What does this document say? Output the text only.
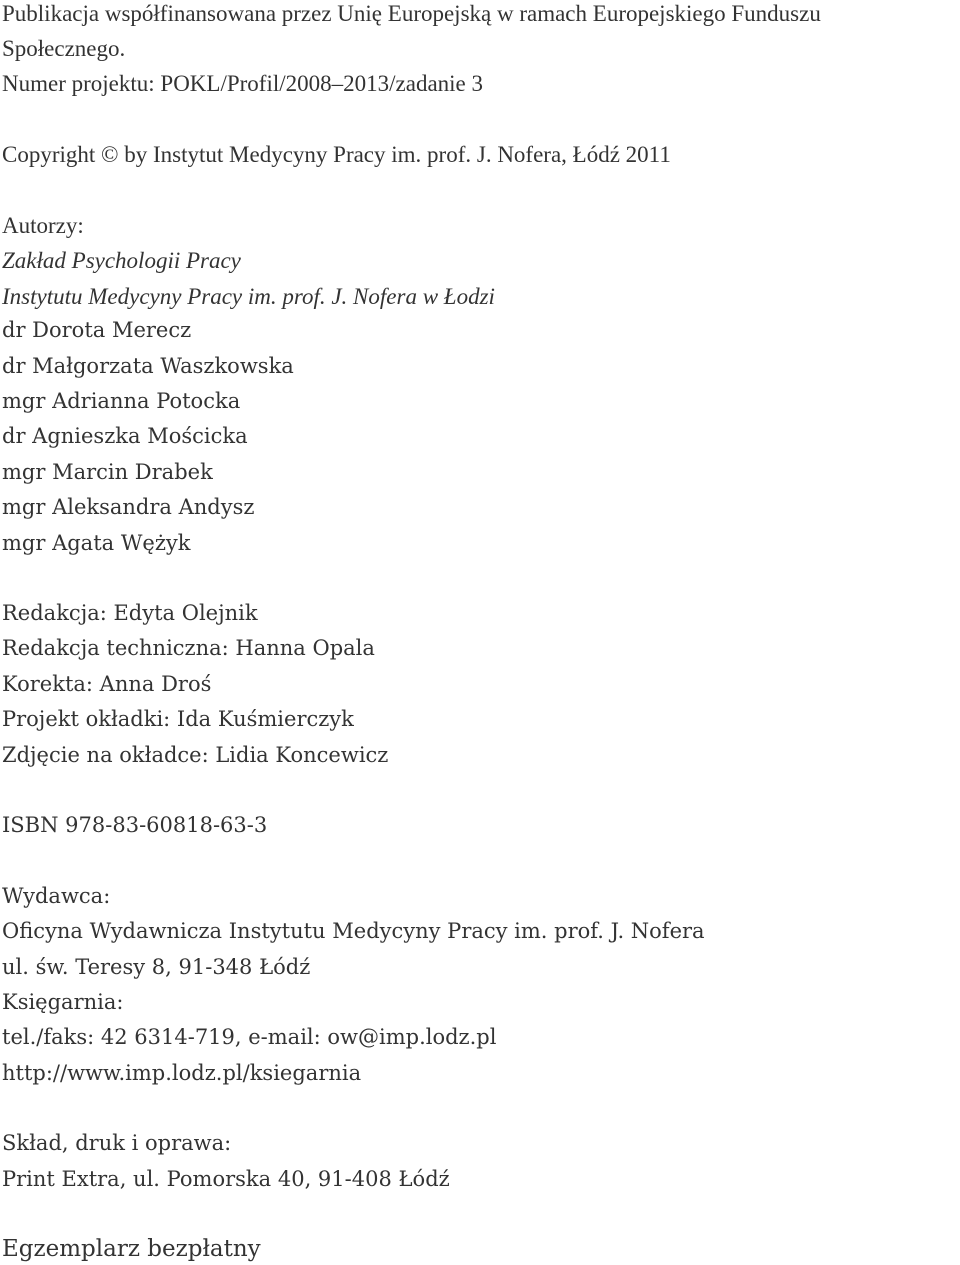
Publikacja współfinansowana przez Unię Europejską w ramach Europejskiego Funduszu

Społecznego.

Numer projektu: POKL/Profil/2008–2013/zadanie 3

Copyright © by Instytut Medycyny Pracy im. prof. J. Nofera, Łódź 2011

Autorzy:

Zakład Psychologii Pracy

Instytutu Medycyny Pracy im. prof. J. Nofera w Łodzi

dr Dorota Merecz

dr Małgorzata Waszkowska

mgr Adrianna Potocka

dr Agnieszka Mościcka

mgr Marcin Drabek

mgr Aleksandra Andysz

mgr Agata Wężyk

Redakcja: Edyta Olejnik

Redakcja techniczna: Hanna Opala

Korekta: Anna Droś

Projekt okładki: Ida Kuśmierczyk

Zdjęcie na okładce: Lidia Koncewicz

ISBN 978-83-60818-63-3

Wydawca:

Oficyna Wydawnicza Instytutu Medycyny Pracy im. prof. J. Nofera

ul. św. Teresy 8, 91-348 Łódź

Księgarnia:

tel./faks: 42 6314-719, e-mail: ow@imp.lodz.pl

http://www.imp.lodz.pl/ksiegarnia

Skład, druk i oprawa:

Print Extra, ul. Pomorska 40, 91-408 Łódź

Egzemplarz bezpłatny
